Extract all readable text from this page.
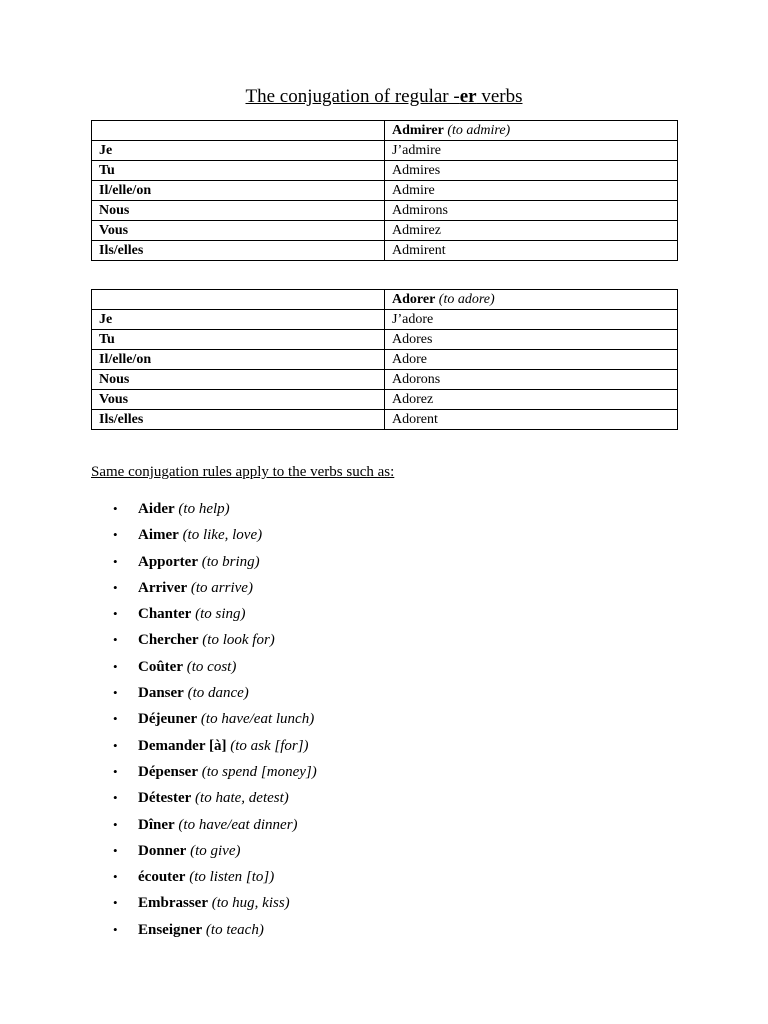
The conjugation of regular -er verbs
	Admirer (to admire)
Je	J’admire
Tu	Admires
Il/elle/on	Admire
Nous	Admirons
Vous	Admirez
Ils/elles	Admirent
	Adorer (to adore)
Je	J’adore
Tu	Adores
Il/elle/on	Adore
Nous	Adorons
Vous	Adorez
Ils/elles	Adorent
Same conjugation rules apply to the verbs such as:
• Aider (to help)
• Aimer (to like, love)
• Apporter (to bring)
• Arriver (to arrive)
• Chanter (to sing)
• Chercher (to look for)
• Coûter (to cost)
• Danser (to dance)
• Déjeuner (to have/eat lunch)
• Demander [à] (to ask [for])
• Dépenser (to spend [money])
• Détester (to hate, detest)
• Dîner (to have/eat dinner)
• Donner (to give)
• écouter (to listen [to])
• Embrasser (to hug, kiss)
• Enseigner (to teach)
